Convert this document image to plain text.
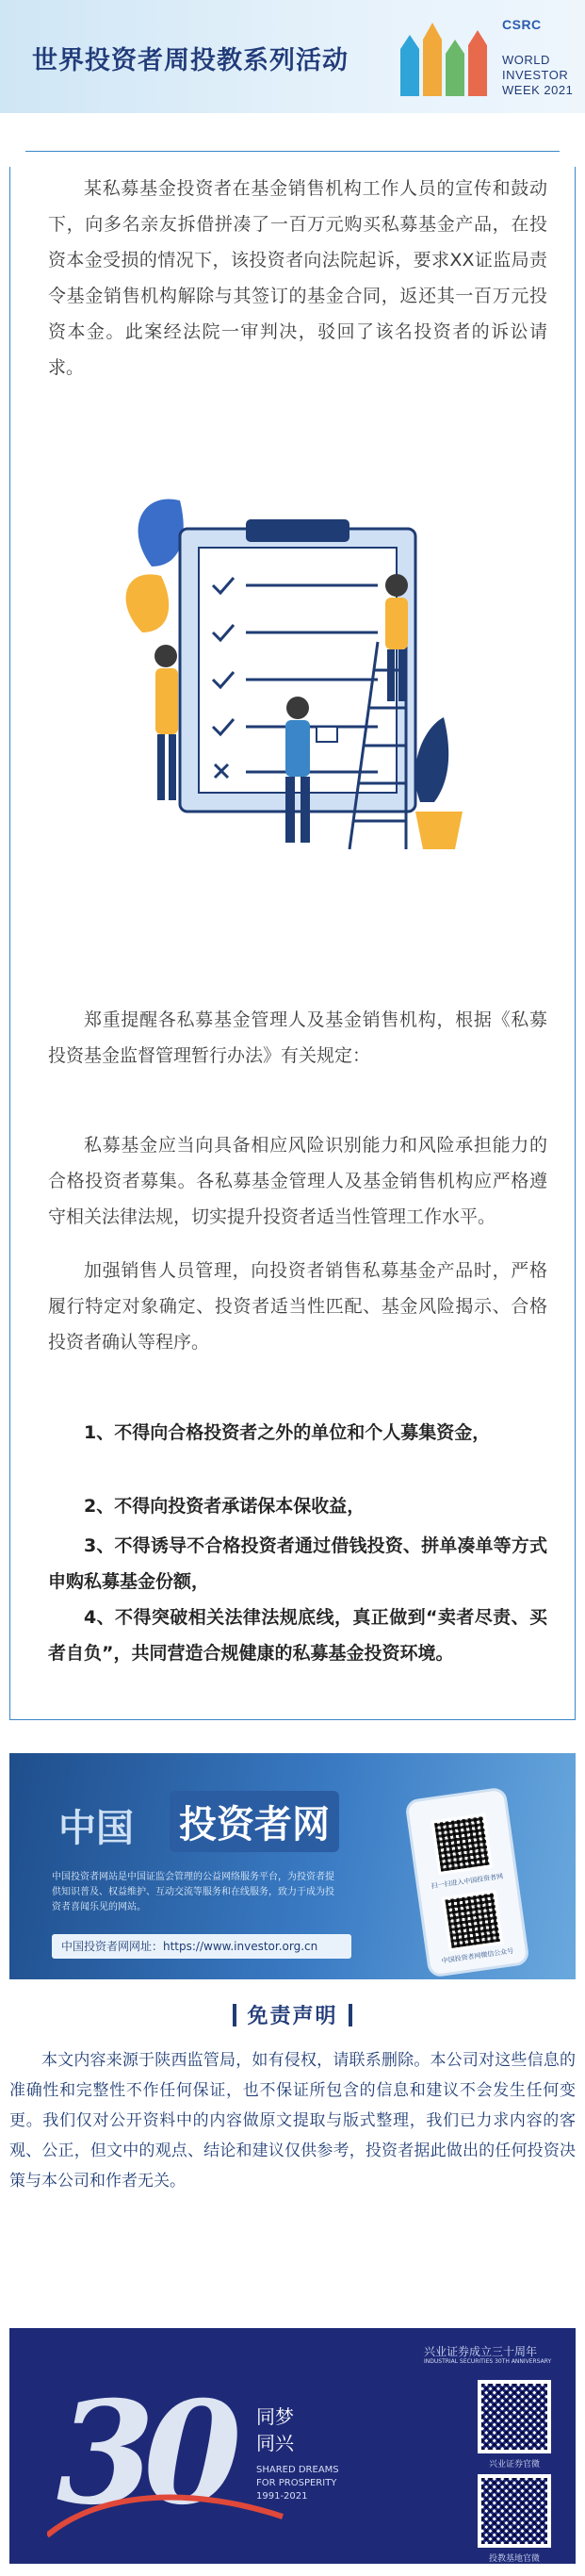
世界投资者周投教系列活动
CSRC
WORLD
INVESTOR
WEEK 2021

某私募基金投资者在基金销售机构工作人员的宣传和鼓动下，向多名亲友拆借拼凑了一百万元购买私募基金产品，在投资本金受损的情况下，该投资者向法院起诉，要求XX证监局责令基金销售机构解除与其签订的基金合同，返还其一百万元投资本金。此案经法院一审判决，驳回了该名投资者的诉讼请求。

郑重提醒各私募基金管理人及基金销售机构，根据《私募投资基金监督管理暂行办法》有关规定：

私募基金应当向具备相应风险识别能力和风险承担能力的合格投资者募集。各私募基金管理人及基金销售机构应严格遵守相关法律法规，切实提升投资者适当性管理工作水平。

加强销售人员管理，向投资者销售私募基金产品时，严格履行特定对象确定、投资者适当性匹配、基金风险揭示、合格投资者确认等程序。

1、不得向合格投资者之外的单位和个人募集资金，

2、不得向投资者承诺保本保收益，

3、不得诱导不合格投资者通过借钱投资、拼单凑单等方式申购私募基金份额，

4、不得突破相关法律法规底线，真正做到“卖者尽责、买者自负”，共同营造合规健康的私募基金投资环境。

中国 投资者网
中国投资者网站是中国证监会管理的公益网络服务平台，为投资者提供知识普及、权益维护、互动交流等服务和在线服务，致力于成为投资者喜闻乐见的网站。
中国投资者网网址：https://www.investor.org.cn
扫一扫进入中国投资者网
中国投资者网微信公众号
免责声明

本文内容来源于陕西监管局，如有侵权，请联系删除。本公司对这些信息的准确性和完整性不作任何保证，也不保证所包含的信息和建议不会发生任何变更。我们仅对公开资料中的内容做原文提取与版式整理，我们已力求内容的客观、公正，但文中的观点、结论和建议仅供参考，投资者据此做出的任何投资决策与本公司和作者无关。

兴业证券成立三十周年
INDUSTRIAL SECURITIES 30TH ANNIVERSARY
30 同梦
同兴
SHARED DREAMS
FOR PROSPERITY
1991-2021
兴业证券官微
投教基地官微
